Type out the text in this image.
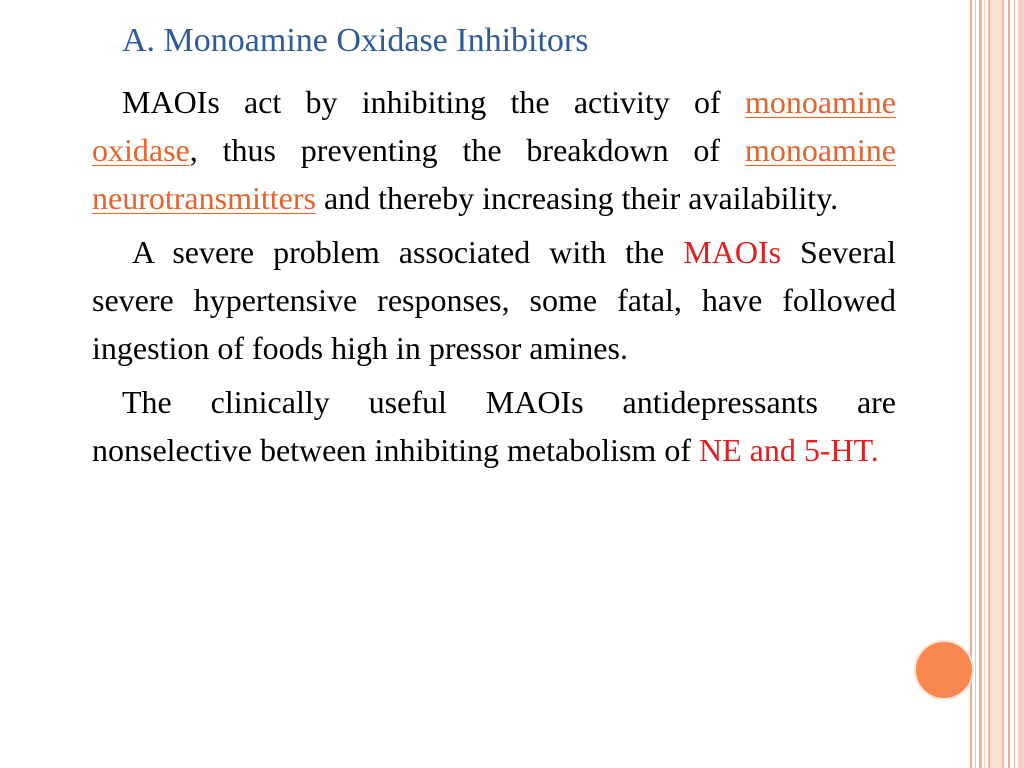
A. Monoamine Oxidase Inhibitors

MAOIs act by inhibiting the activity of monoamine oxidase, thus preventing the breakdown of monoamine neurotransmitters and thereby increasing their availability.

A severe problem associated with the MAOIs Several severe hypertensive responses, some fatal, have followed ingestion of foods high in pressor amines.

The clinically useful MAOIs antidepressants are nonselective between inhibiting metabolism of NE and 5-HT.
